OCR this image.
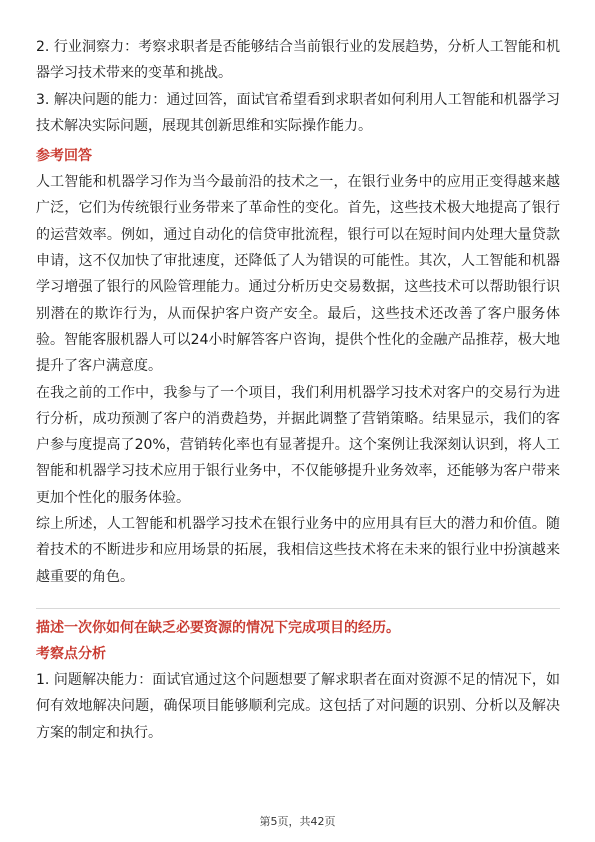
2. 行业洞察力：考察求职者是否能够结合当前银行业的发展趋势，分析人工智能和机器学习技术带来的变革和挑战。

3. 解决问题的能力：通过回答，面试官希望看到求职者如何利用人工智能和机器学习技术解决实际问题，展现其创新思维和实际操作能力。

参考回答

人工智能和机器学习作为当今最前沿的技术之一，在银行业务中的应用正变得越来越广泛，它们为传统银行业务带来了革命性的变化。首先，这些技术极大地提高了银行的运营效率。例如，通过自动化的信贷审批流程，银行可以在短时间内处理大量贷款申请，这不仅加快了审批速度，还降低了人为错误的可能性。其次，人工智能和机器学习增强了银行的风险管理能力。通过分析历史交易数据，这些技术可以帮助银行识别潜在的欺诈行为，从而保护客户资产安全。最后，这些技术还改善了客户服务体验。智能客服机器人可以24小时解答客户咨询，提供个性化的金融产品推荐，极大地提升了客户满意度。

在我之前的工作中，我参与了一个项目，我们利用机器学习技术对客户的交易行为进行分析，成功预测了客户的消费趋势，并据此调整了营销策略。结果显示，我们的客户参与度提高了20%，营销转化率也有显著提升。这个案例让我深刻认识到，将人工智能和机器学习技术应用于银行业务中，不仅能够提升业务效率，还能够为客户带来更加个性化的服务体验。

综上所述，人工智能和机器学习技术在银行业务中的应用具有巨大的潜力和价值。随着技术的不断进步和应用场景的拓展，我相信这些技术将在未来的银行业中扮演越来越重要的角色。

描述一次你如何在缺乏必要资源的情况下完成项目的经历。

考察点分析

1. 问题解决能力：面试官通过这个问题想要了解求职者在面对资源不足的情况下，如何有效地解决问题，确保项目能够顺利完成。这包括了对问题的识别、分析以及解决方案的制定和执行。

第5页，共42页
